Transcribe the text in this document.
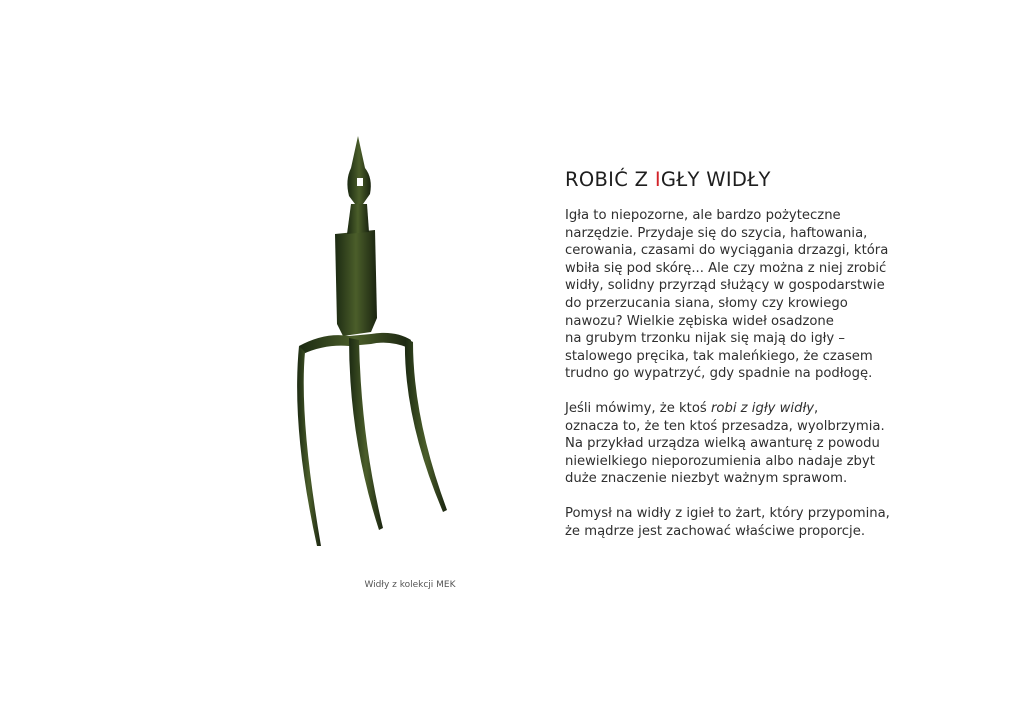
Widły z kolekcji MEK
ROBIĆ Z IGŁY WIDŁY

Igła to niepozorne, ale bardzo pożyteczne
narzędzie. Przydaje się do szycia, haftowania,
cerowania, czasami do wyciągania drzazgi, która
wbiła się pod skórę... Ale czy można z niej zrobić
widły, solidny przyrząd służący w gospodarstwie
do przerzucania siana, słomy czy krowiego
nawozu? Wielkie zębiska wideł osadzone
na grubym trzonku nijak się mają do igły –
stalowego pręcika, tak maleńkiego, że czasem
trudno go wypatrzyć, gdy spadnie na podłogę.

Jeśli mówimy, że ktoś robi z igły widły,
oznacza to, że ten ktoś przesadza, wyolbrzymia.
Na przykład urządza wielką awanturę z powodu
niewielkiego nieporozumienia albo nadaje zbyt
duże znaczenie niezbyt ważnym sprawom.

Pomysł na widły z igieł to żart, który przypomina,
że mądrze jest zachować właściwe proporcje.
